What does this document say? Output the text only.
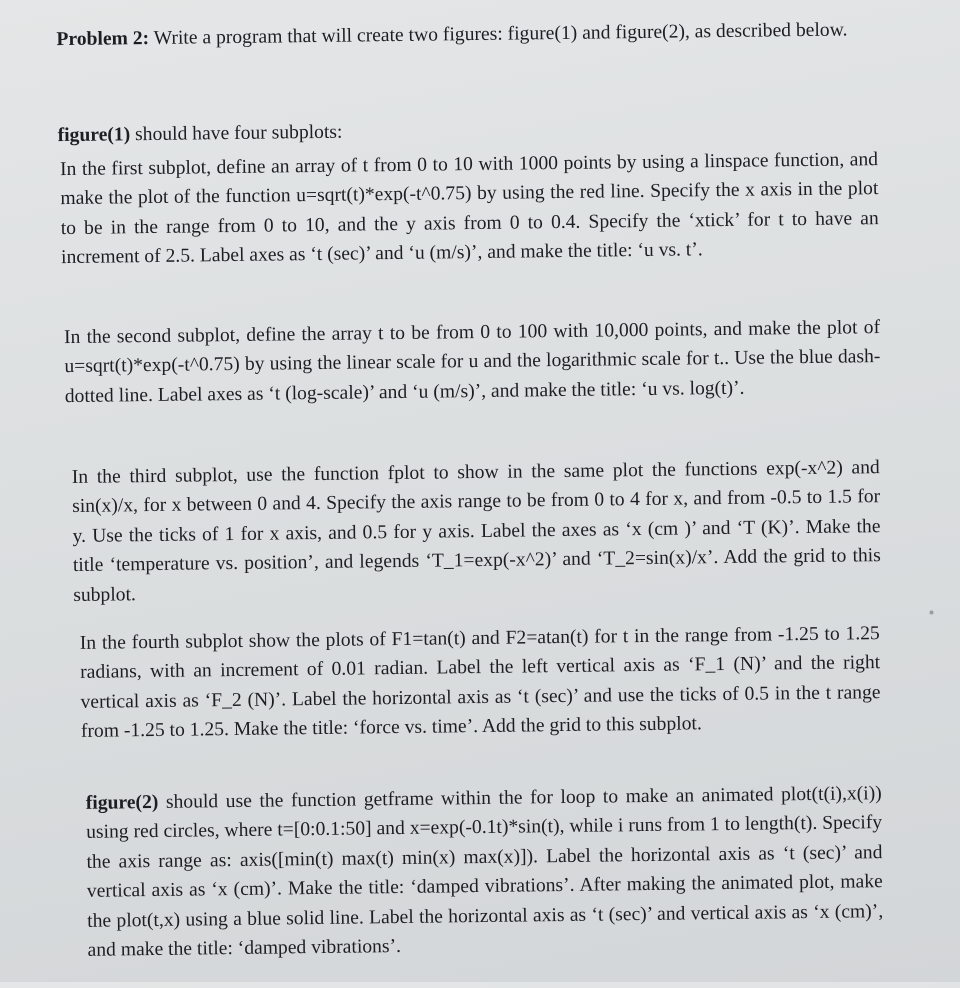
Problem 2: Write a program that will create two figures: figure(1) and figure(2), as described below.

figure(1) should have four subplots:

In the first subplot, define an array of t from 0 to 10 with 1000 points by using a linspace function, and make the plot of the function u=sqrt(t)*exp(-t^0.75) by using the red line. Specify the x axis in the plot to be in the range from 0 to 10, and the y axis from 0 to 0.4. Specify the ‘xtick’ for t to have an increment of 2.5. Label axes as ‘t (sec)’ and ‘u (m/s)’, and make the title: ‘u vs. t’.

In the second subplot, define the array t to be from 0 to 100 with 10,000 points, and make the plot of u=sqrt(t)*exp(-t^0.75) by using the linear scale for u and the logarithmic scale for t.. Use the blue dash-dotted line. Label axes as ‘t (log-scale)’ and ‘u (m/s)’, and make the title: ‘u vs. log(t)’.

In the third subplot, use the function fplot to show in the same plot the functions exp(-x^2) and sin(x)/x, for x between 0 and 4. Specify the axis range to be from 0 to 4 for x, and from -0.5 to 1.5 for y. Use the ticks of 1 for x axis, and 0.5 for y axis. Label the axes as ‘x (cm )’ and ‘T (K)’. Make the title ‘temperature vs. position’, and legends ‘T_1=exp(-x^2)’ and ‘T_2=sin(x)/x’. Add the grid to this subplot.

In the fourth subplot show the plots of F1=tan(t) and F2=atan(t) for t in the range from -1.25 to 1.25 radians, with an increment of 0.01 radian. Label the left vertical axis as ‘F_1 (N)’ and the right vertical axis as ‘F_2 (N)’. Label the horizontal axis as ‘t (sec)’ and use the ticks of 0.5 in the t range from -1.25 to 1.25. Make the title: ‘force vs. time’. Add the grid to this subplot.

figure(2) should use the function getframe within the for loop to make an animated plot(t(i),x(i)) using red circles, where t=[0:0.1:50] and x=exp(-0.1t)*sin(t), while i runs from 1 to length(t). Specify the axis range as: axis([min(t) max(t) min(x) max(x)]). Label the horizontal axis as ‘t (sec)’ and vertical axis as ‘x (cm)’. Make the title: ‘damped vibrations’. After making the animated plot, make the plot(t,x) using a blue solid line. Label the horizontal axis as ‘t (sec)’ and vertical axis as ‘x (cm)’, and make the title: ‘damped vibrations’.
